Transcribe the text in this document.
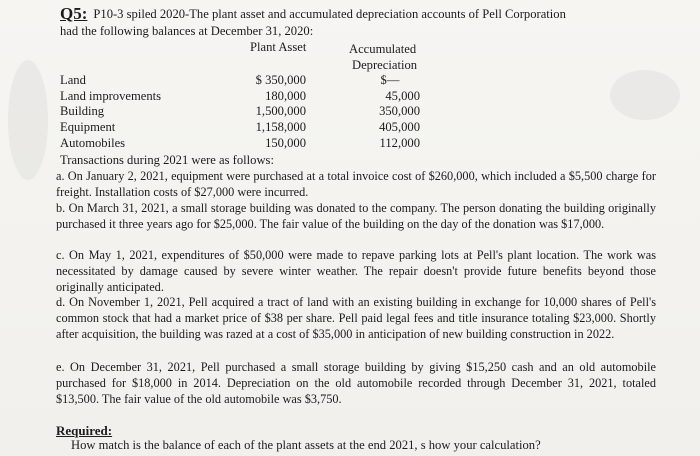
Q5: P10-3 spiled 2020-The plant asset and accumulated depreciation accounts of Pell Corporation
had the following balances at December 31, 2020:
Plant Asset	Accumulated
Depreciation
Land	$ 350,000	$—
Land improvements	180,000	45,000
Building	1,500,000	350,000
Equipment	1,158,000	405,000
Automobiles	150,000	112,000
Transactions during 2021 were as follows:
a. On January 2, 2021, equipment were purchased at a total invoice cost of $260,000, which included a $5,500 charge for freight. Installation costs of $27,000 were incurred.
b. On March 31, 2021, a small storage building was donated to the company. The person donating the building originally purchased it three years ago for $25,000. The fair value of the building on the day of the donation was $17,000.
c. On May 1, 2021, expenditures of $50,000 were made to repave parking lots at Pell's plant location. The work was necessitated by damage caused by severe winter weather. The repair doesn't provide future benefits beyond those originally anticipated.
d. On November 1, 2021, Pell acquired a tract of land with an existing building in exchange for 10,000 shares of Pell's common stock that had a market price of $38 per share. Pell paid legal fees and title insurance totaling $23,000. Shortly after acquisition, the building was razed at a cost of $35,000 in anticipation of new building construction in 2022.
e. On December 31, 2021, Pell purchased a small storage building by giving $15,250 cash and an old automobile purchased for $18,000 in 2014. Depreciation on the old automobile recorded through December 31, 2021, totaled $13,500. The fair value of the old automobile was $3,750.
Required:
How match is the balance of each of the plant assets at the end 2021, s how your calculation?
